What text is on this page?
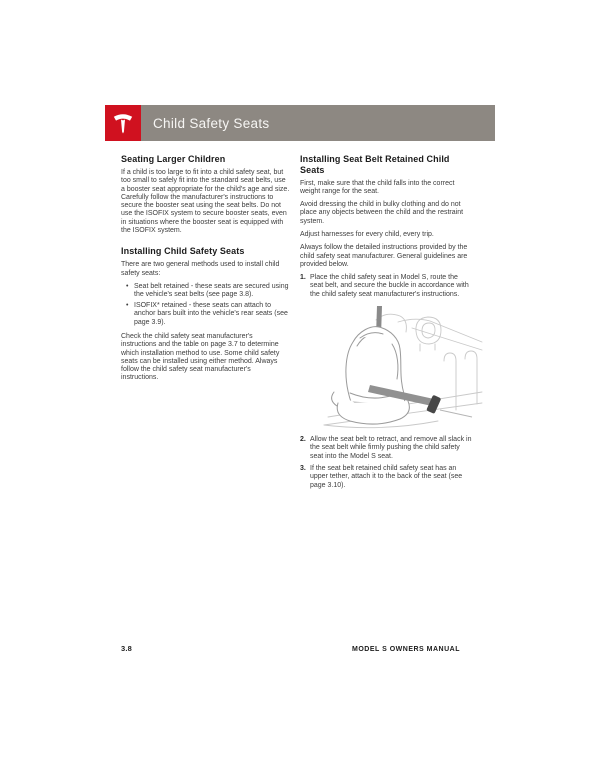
Child Safety Seats
Seating Larger Children

If a child is too large to fit into a child safety seat, but too small to safely fit into the standard seat belts, use a booster seat appropriate for the child's age and size. Carefully follow the manufacturer's instructions to secure the booster seat using the seat belts. Do not use the ISOFIX system to secure booster seats, even in situations where the booster seat is equipped with the ISOFIX system.

Installing Child Safety Seats

There are two general methods used to install child safety seats:

• Seat belt retained - these seats are secured using the vehicle's seat belts (see page 3.8).
• ISOFIX* retained - these seats can attach to anchor bars built into the vehicle's rear seats (see page 3.9).

Check the child safety seat manufacturer's instructions and the table on page 3.7 to determine which installation method to use. Some child safety seats can be installed using either method. Always follow the child safety seat manufacturer's instructions.

Installing Seat Belt Retained Child Seats

First, make sure that the child falls into the correct weight range for the seat.

Avoid dressing the child in bulky clothing and do not place any objects between the child and the restraint system.

Adjust harnesses for every child, every trip.

Always follow the detailed instructions provided by the child safety seat manufacturer. General guidelines are provided below.

1. Place the child safety seat in Model S, route the seat belt, and secure the buckle in accordance with the child safety seat manufacturer's instructions.
2. Allow the seat belt to retract, and remove all slack in the seat belt while firmly pushing the child safety seat into the Model S seat.
3. If the seat belt retained child safety seat has an upper tether, attach it to the back of the seat (see page 3.10).
3.8	MODEL S OWNERS MANUAL
